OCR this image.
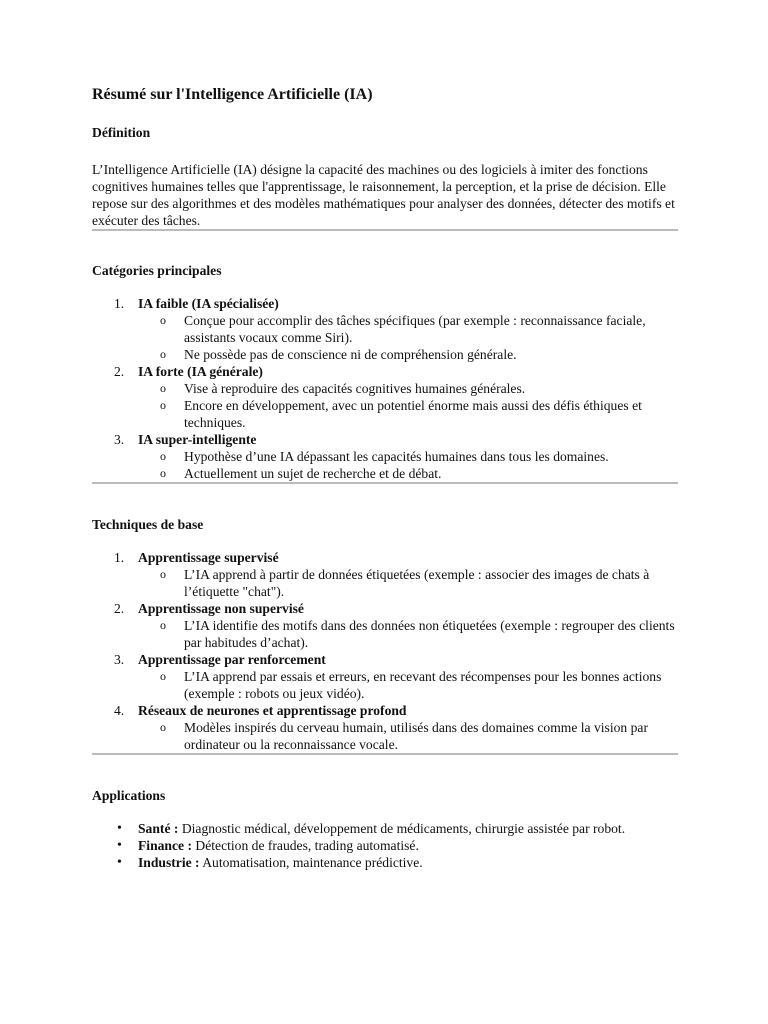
Résumé sur l'Intelligence Artificielle (IA)

Définition

L’Intelligence Artificielle (IA) désigne la capacité des machines ou des logiciels à imiter des fonctions cognitives humaines telles que l'apprentissage, le raisonnement, la perception, et la prise de décision. Elle repose sur des algorithmes et des modèles mathématiques pour analyser des données, détecter des motifs et exécuter des tâches.

Catégories principales

1. IA faible (IA spécialisée)
o Conçue pour accomplir des tâches spécifiques (par exemple : reconnaissance faciale, assistants vocaux comme Siri).
o Ne possède pas de conscience ni de compréhension générale.
2. IA forte (IA générale)
o Vise à reproduire des capacités cognitives humaines générales.
o Encore en développement, avec un potentiel énorme mais aussi des défis éthiques et techniques.
3. IA super-intelligente
o Hypothèse d’une IA dépassant les capacités humaines dans tous les domaines.
o Actuellement un sujet de recherche et de débat.

Techniques de base

1. Apprentissage supervisé
o L’IA apprend à partir de données étiquetées (exemple : associer des images de chats à l’étiquette "chat").
2. Apprentissage non supervisé
o L’IA identifie des motifs dans des données non étiquetées (exemple : regrouper des clients par habitudes d’achat).
3. Apprentissage par renforcement
o L’IA apprend par essais et erreurs, en recevant des récompenses pour les bonnes actions (exemple : robots ou jeux vidéo).
4. Réseaux de neurones et apprentissage profond
o Modèles inspirés du cerveau humain, utilisés dans des domaines comme la vision par ordinateur ou la reconnaissance vocale.

Applications

• Santé : Diagnostic médical, développement de médicaments, chirurgie assistée par robot.
• Finance : Détection de fraudes, trading automatisé.
• Industrie : Automatisation, maintenance prédictive.
